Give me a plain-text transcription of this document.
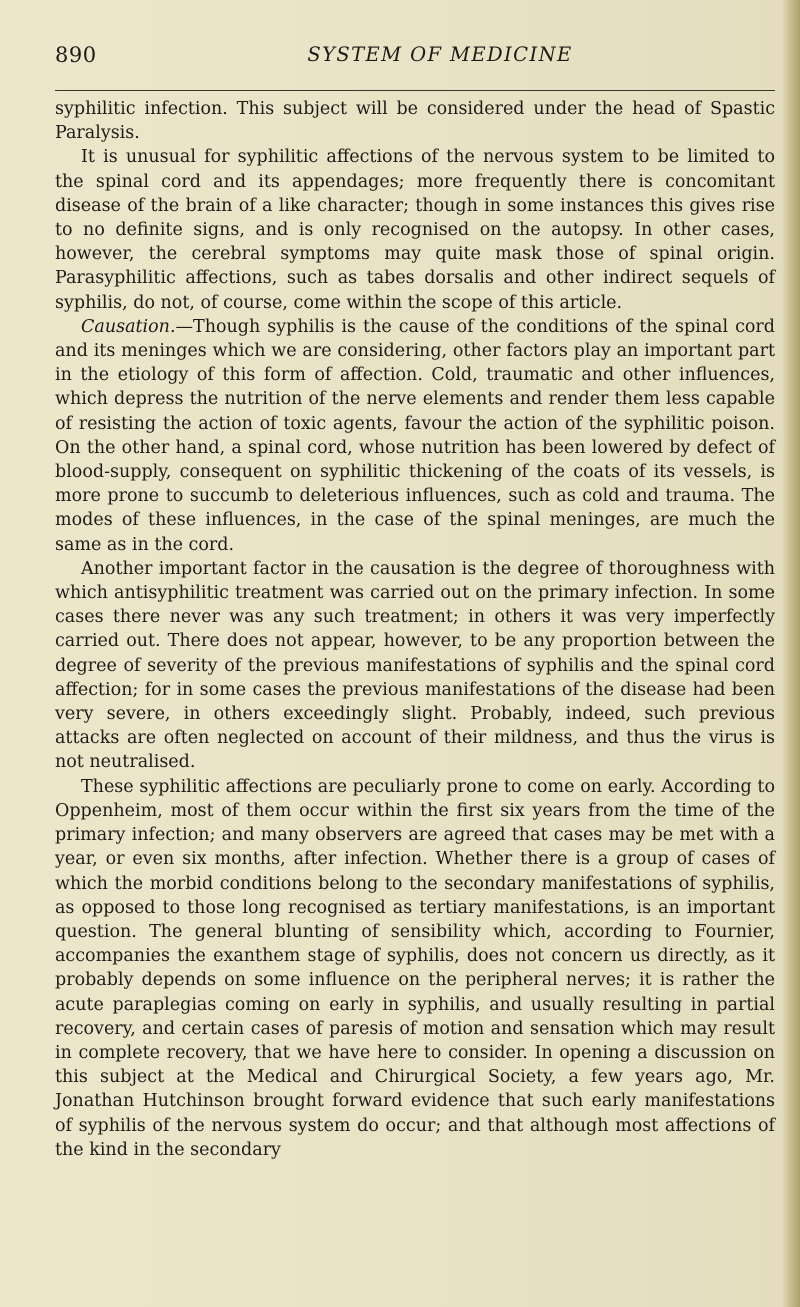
890	SYSTEM OF MEDICINE

syphilitic infection. This subject will be considered under the head of Spastic Paralysis.

It is unusual for syphilitic affections of the nervous system to be limited to the spinal cord and its appendages; more frequently there is concomitant disease of the brain of a like character; though in some instances this gives rise to no definite signs, and is only recognised on the autopsy. In other cases, however, the cerebral symptoms may quite mask those of spinal origin. Parasyphilitic affections, such as tabes dorsalis and other indirect sequels of syphilis, do not, of course, come within the scope of this article.

Causation.—Though syphilis is the cause of the conditions of the spinal cord and its meninges which we are considering, other factors play an important part in the etiology of this form of affection. Cold, traumatic and other influences, which depress the nutrition of the nerve elements and render them less capable of resisting the action of toxic agents, favour the action of the syphilitic poison. On the other hand, a spinal cord, whose nutrition has been lowered by defect of blood-supply, consequent on syphilitic thickening of the coats of its vessels, is more prone to succumb to deleterious influences, such as cold and trauma. The modes of these influences, in the case of the spinal meninges, are much the same as in the cord.

Another important factor in the causation is the degree of thoroughness with which antisyphilitic treatment was carried out on the primary infection. In some cases there never was any such treatment; in others it was very imperfectly carried out. There does not appear, however, to be any proportion between the degree of severity of the previous manifestations of syphilis and the spinal cord affection; for in some cases the previous manifestations of the disease had been very severe, in others exceedingly slight. Probably, indeed, such previous attacks are often neglected on account of their mildness, and thus the virus is not neutralised.

These syphilitic affections are peculiarly prone to come on early. According to Oppenheim, most of them occur within the first six years from the time of the primary infection; and many observers are agreed that cases may be met with a year, or even six months, after infection. Whether there is a group of cases of which the morbid conditions belong to the secondary manifestations of syphilis, as opposed to those long recognised as tertiary manifestations, is an important question. The general blunting of sensibility which, according to Fournier, accompanies the exanthem stage of syphilis, does not concern us directly, as it probably depends on some influence on the peripheral nerves; it is rather the acute paraplegias coming on early in syphilis, and usually resulting in partial recovery, and certain cases of paresis of motion and sensation which may result in complete recovery, that we have here to consider. In opening a discussion on this subject at the Medical and Chirurgical Society, a few years ago, Mr. Jonathan Hutchinson brought forward evidence that such early manifestations of syphilis of the nervous system do occur; and that although most affections of the kind in the secondary
